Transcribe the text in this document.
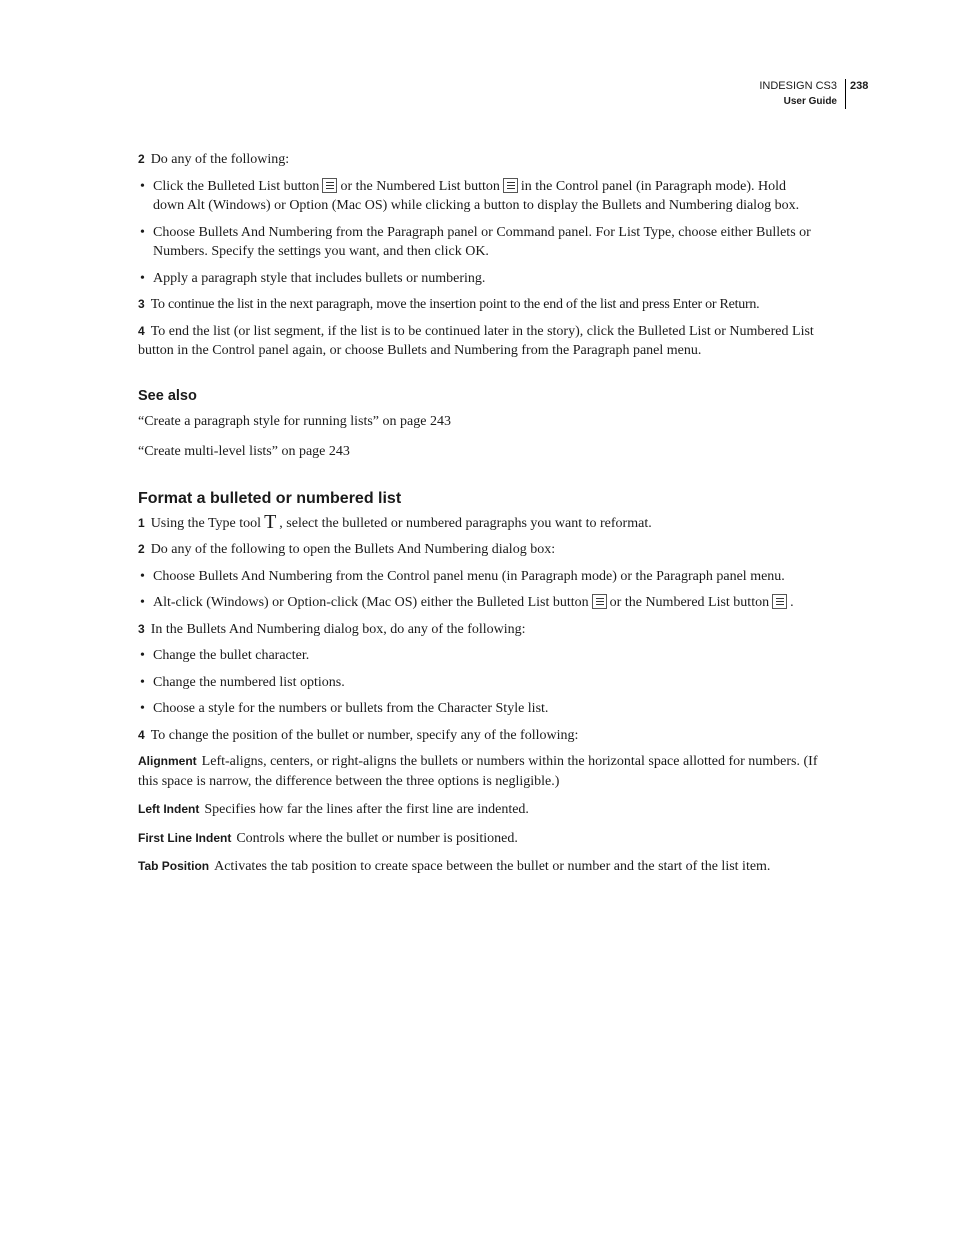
INDESIGN CS3
User Guide
238

2 Do any of the following:

• Click the Bulleted List button or the Numbered List button in the Control panel (in Paragraph mode). Hold down Alt (Windows) or Option (Mac OS) while clicking a button to display the Bullets and Numbering dialog box.
• Choose Bullets And Numbering from the Paragraph panel or Command panel. For List Type, choose either Bullets or Numbers. Specify the settings you want, and then click OK.
• Apply a paragraph style that includes bullets or numbering.

3 To continue the list in the next paragraph, move the insertion point to the end of the list and press Enter or Return.

4 To end the list (or list segment, if the list is to be continued later in the story), click the Bulleted List or Numbered List button in the Control panel again, or choose Bullets and Numbering from the Paragraph panel menu.

See also

“Create a paragraph style for running lists” on page 243

“Create multi-level lists” on page 243

Format a bulleted or numbered list

1 Using the Type tool T , select the bulleted or numbered paragraphs you want to reformat.

2 Do any of the following to open the Bullets And Numbering dialog box:

• Choose Bullets And Numbering from the Control panel menu (in Paragraph mode) or the Paragraph panel menu.
• Alt-click (Windows) or Option-click (Mac OS) either the Bulleted List button or the Numbered List button .

3 In the Bullets And Numbering dialog box, do any of the following:

• Change the bullet character.
• Change the numbered list options.
• Choose a style for the numbers or bullets from the Character Style list.

4 To change the position of the bullet or number, specify any of the following:

Alignment Left-aligns, centers, or right-aligns the bullets or numbers within the horizontal space allotted for numbers. (If this space is narrow, the difference between the three options is negligible.)

Left Indent Specifies how far the lines after the first line are indented.

First Line Indent Controls where the bullet or number is positioned.

Tab Position Activates the tab position to create space between the bullet or number and the start of the list item.
